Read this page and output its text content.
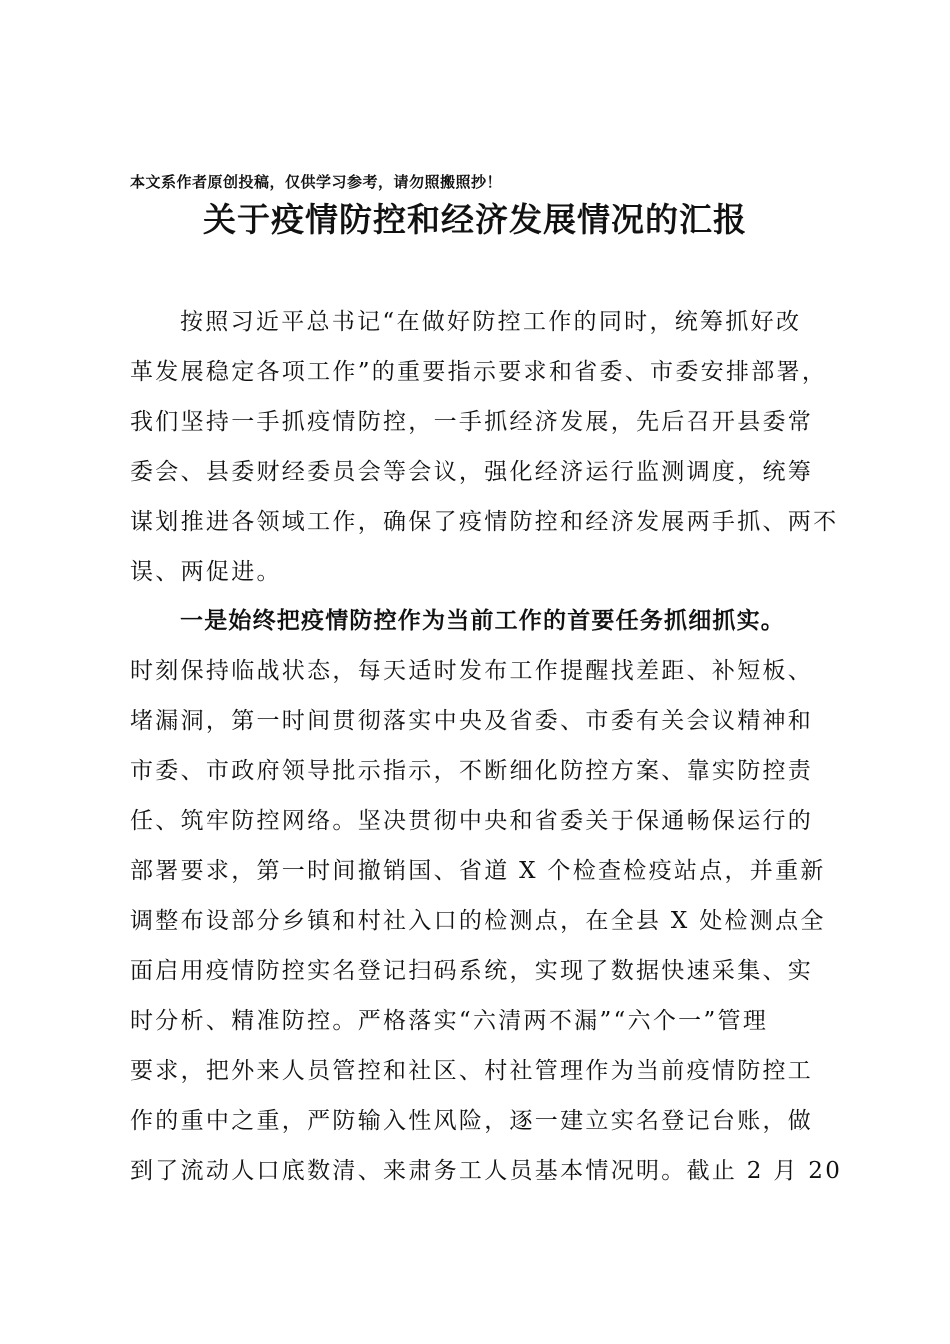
本文系作者原创投稿，仅供学习参考，请勿照搬照抄！
关于疫情防控和经济发展情况的汇报
按照习近平总书记“在做好防控工作的同时，统筹抓好改
革发展稳定各项工作”的重要指示要求和省委、市委安排部署，
我们坚持一手抓疫情防控，一手抓经济发展，先后召开县委常
委会、县委财经委员会等会议，强化经济运行监测调度，统筹
谋划推进各领域工作，确保了疫情防控和经济发展两手抓、两不
误、两促进。
一是始终把疫情防控作为当前工作的首要任务抓细抓实。
时刻保持临战状态，每天适时发布工作提醒找差距、补短板、
堵漏洞，第一时间贯彻落实中央及省委、市委有关会议精神和
市委、市政府领导批示指示，不断细化防控方案、靠实防控责
任、筑牢防控网络。坚决贯彻中央和省委关于保通畅保运行的
部署要求，第一时间撤销国、省道 X 个检查检疫站点，并重新
调整布设部分乡镇和村社入口的检测点，在全县 X 处检测点全
面启用疫情防控实名登记扫码系统，实现了数据快速采集、实
时分析、精准防控。严格落实“六清两不漏”“六个一”管理
要求，把外来人员管控和社区、村社管理作为当前疫情防控工
作的重中之重，严防输入性风险，逐一建立实名登记台账，做
到了流动人口底数清、来肃务工人员基本情况明。截止 2 月 20
